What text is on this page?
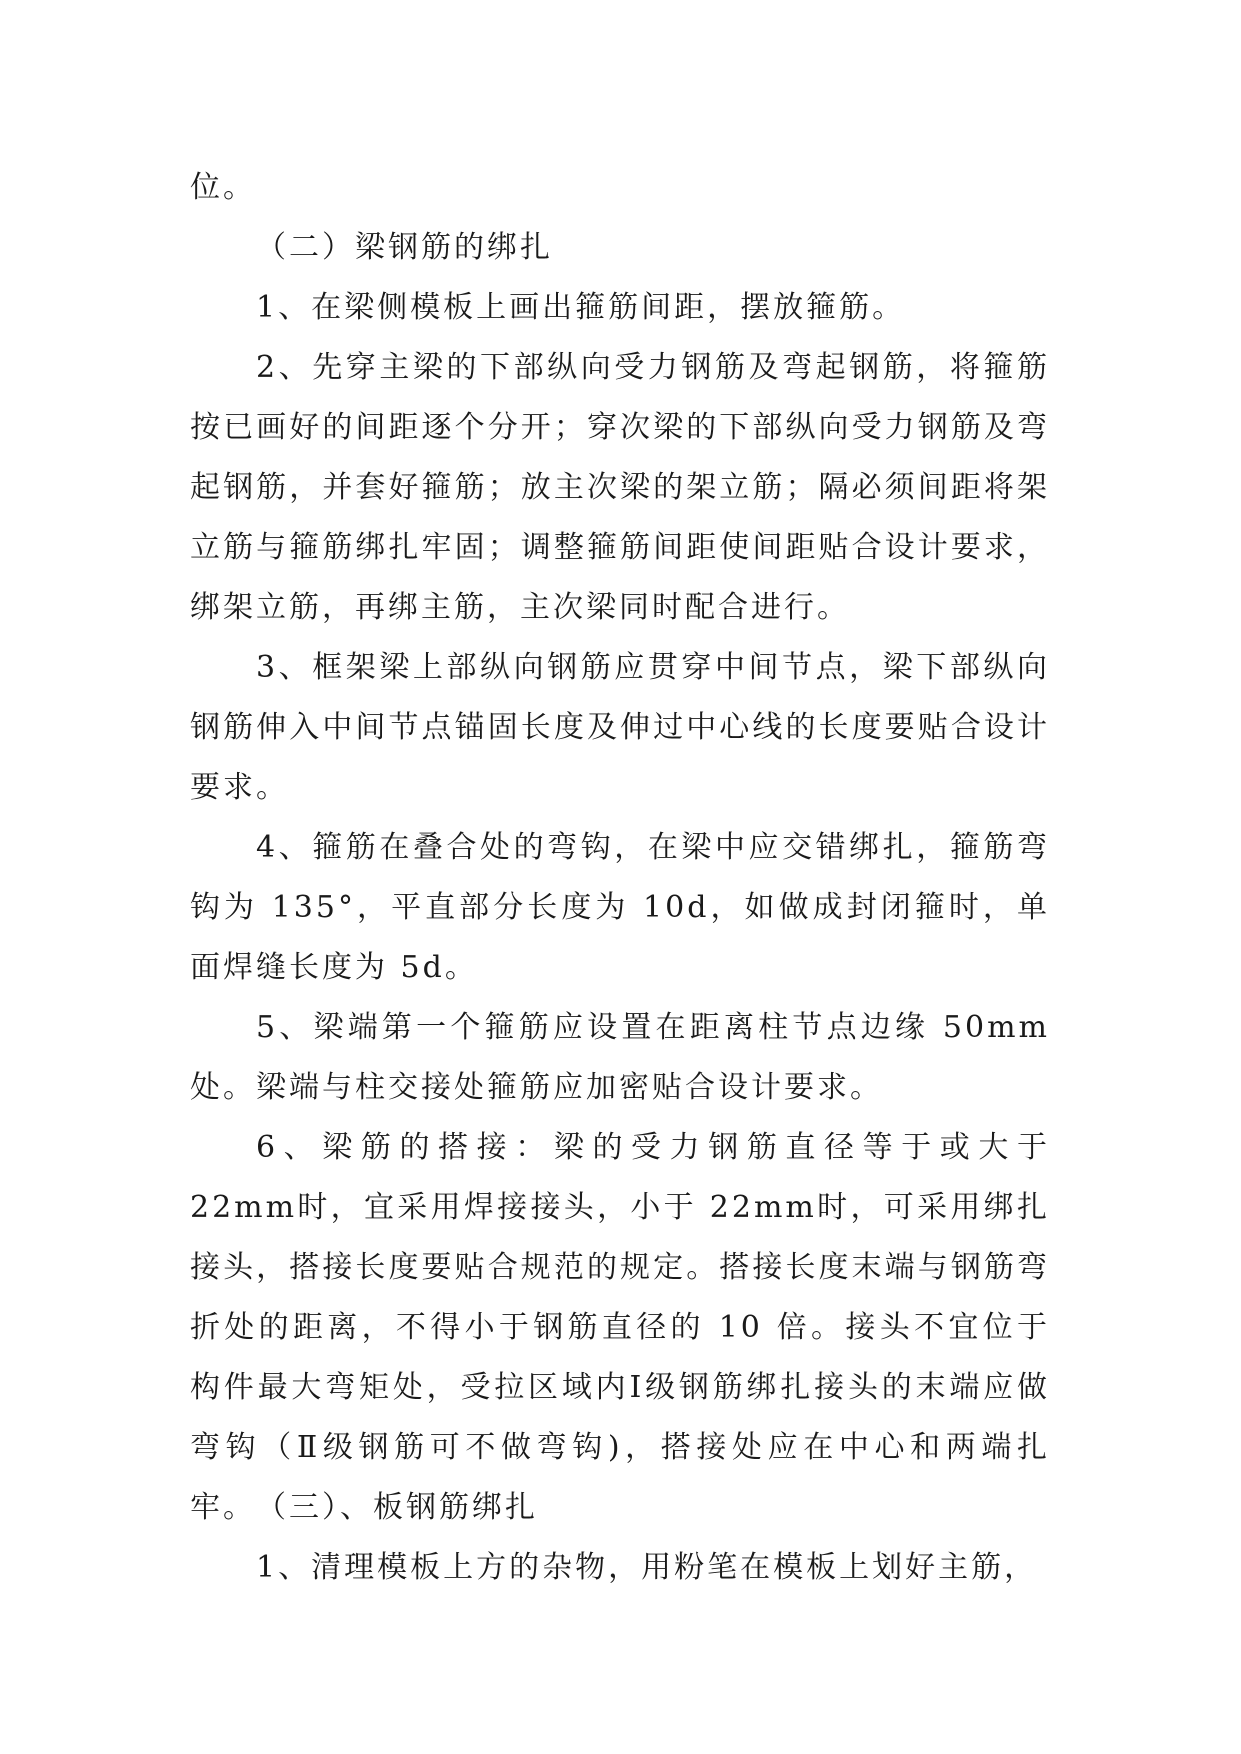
位。

（二）梁钢筋的绑扎

1、在梁侧模板上画出箍筋间距，摆放箍筋。

2、先穿主梁的下部纵向受力钢筋及弯起钢筋，将箍筋按已画好的间距逐个分开；穿次梁的下部纵向受力钢筋及弯起钢筋，并套好箍筋；放主次梁的架立筋；隔必须间距将架立筋与箍筋绑扎牢固；调整箍筋间距使间距贴合设计要求，绑架立筋，再绑主筋，主次梁同时配合进行。

3、框架梁上部纵向钢筋应贯穿中间节点，梁下部纵向钢筋伸入中间节点锚固长度及伸过中心线的长度要贴合设计要求。

4、箍筋在叠合处的弯钩，在梁中应交错绑扎，箍筋弯钩为 135°，平直部分长度为 10d，如做成封闭箍时，单面焊缝长度为 5d。

5、梁端第一个箍筋应设置在距离柱节点边缘 50mm处。梁端与柱交接处箍筋应加密贴合设计要求。

6、梁筋的搭接：梁的受力钢筋直径等于或大于 22mm时，宜采用焊接接头，小于 22mm时，可采用绑扎接头，搭接长度要贴合规范的规定。搭接长度末端与钢筋弯折处的距离，不得小于钢筋直径的 10 倍。接头不宜位于构件最大弯矩处，受拉区域内Ⅰ级钢筋绑扎接头的末端应做弯钩（Ⅱ级钢筋可不做弯钩)，搭接处应在中心和两端扎牢。 （三）、板钢筋绑扎

1、清理模板上方的杂物，用粉笔在模板上划好主筋，
